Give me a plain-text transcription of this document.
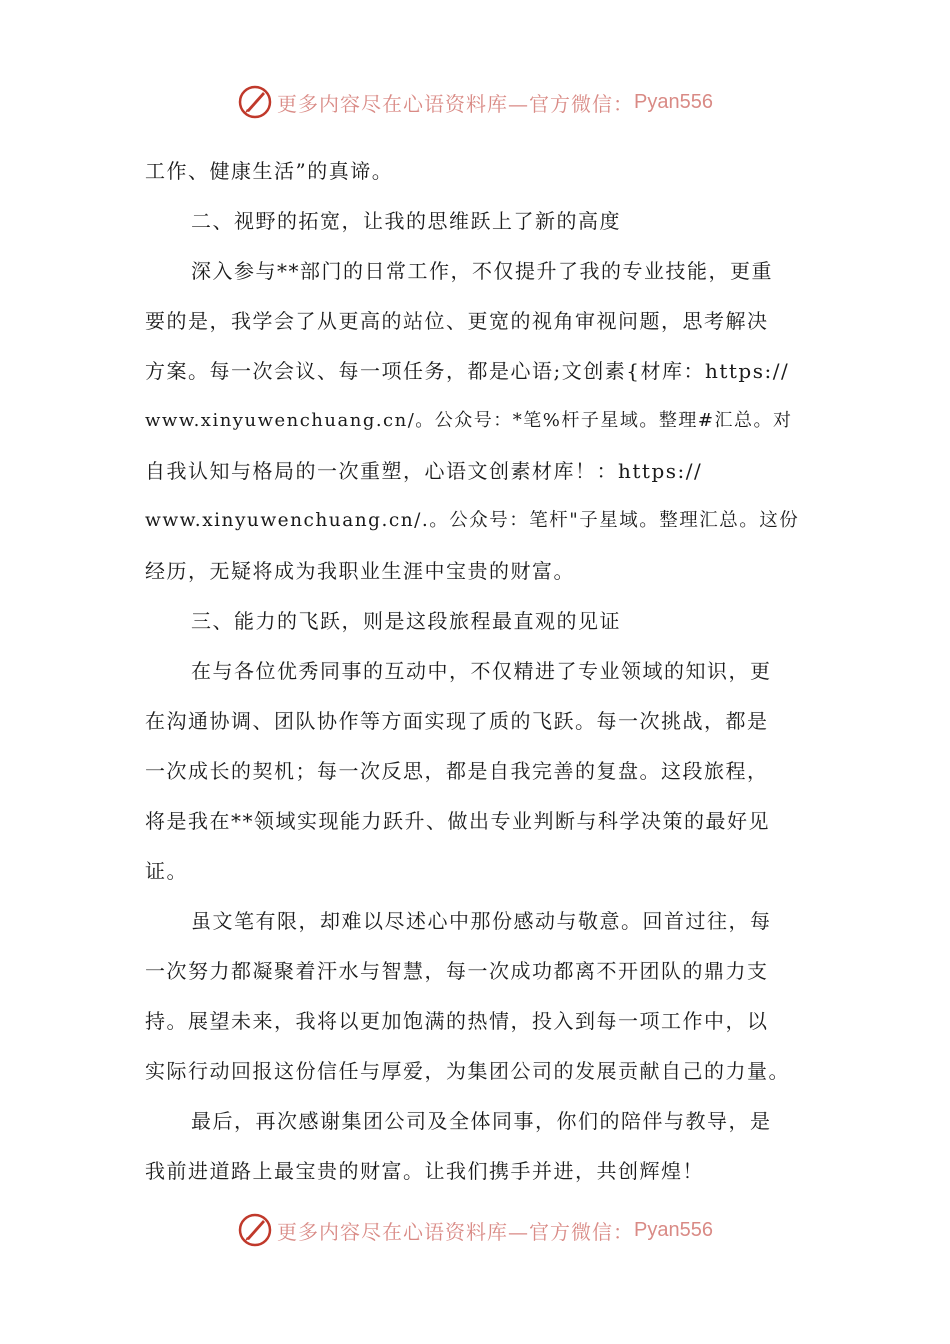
更多内容尽在心语资料库—官方微信： Pyan556
工作、健康生活”的真谛。
二、视野的拓宽，让我的思维跃上了新的高度
深入参与**部门的日常工作，不仅提升了我的专业技能，更重
要的是，我学会了从更高的站位、更宽的视角审视问题，思考解决
方案。每一次会议、每一项任务，都是心语;文创素{材库：https://
www.xinyuwenchuang.cn/。公众号：*笔%杆子星域。整理#汇总。对
自我认知与格局的一次重塑，心语文创素材库！：https://
www.xinyuwenchuang.cn/.。公众号：笔杆"子星域。整理汇总。这份
经历，无疑将成为我职业生涯中宝贵的财富。
三、能力的飞跃，则是这段旅程最直观的见证
在与各位优秀同事的互动中，不仅精进了专业领域的知识，更
在沟通协调、团队协作等方面实现了质的飞跃。每一次挑战，都是
一次成长的契机；每一次反思，都是自我完善的复盘。这段旅程，
将是我在**领域实现能力跃升、做出专业判断与科学决策的最好见
证。
虽文笔有限，却难以尽述心中那份感动与敬意。回首过往，每
一次努力都凝聚着汗水与智慧，每一次成功都离不开团队的鼎力支
持。展望未来，我将以更加饱满的热情，投入到每一项工作中，以
实际行动回报这份信任与厚爱，为集团公司的发展贡献自己的力量。
最后，再次感谢集团公司及全体同事，你们的陪伴与教导，是
我前进道路上最宝贵的财富。让我们携手并进，共创辉煌！
更多内容尽在心语资料库—官方微信： Pyan556
